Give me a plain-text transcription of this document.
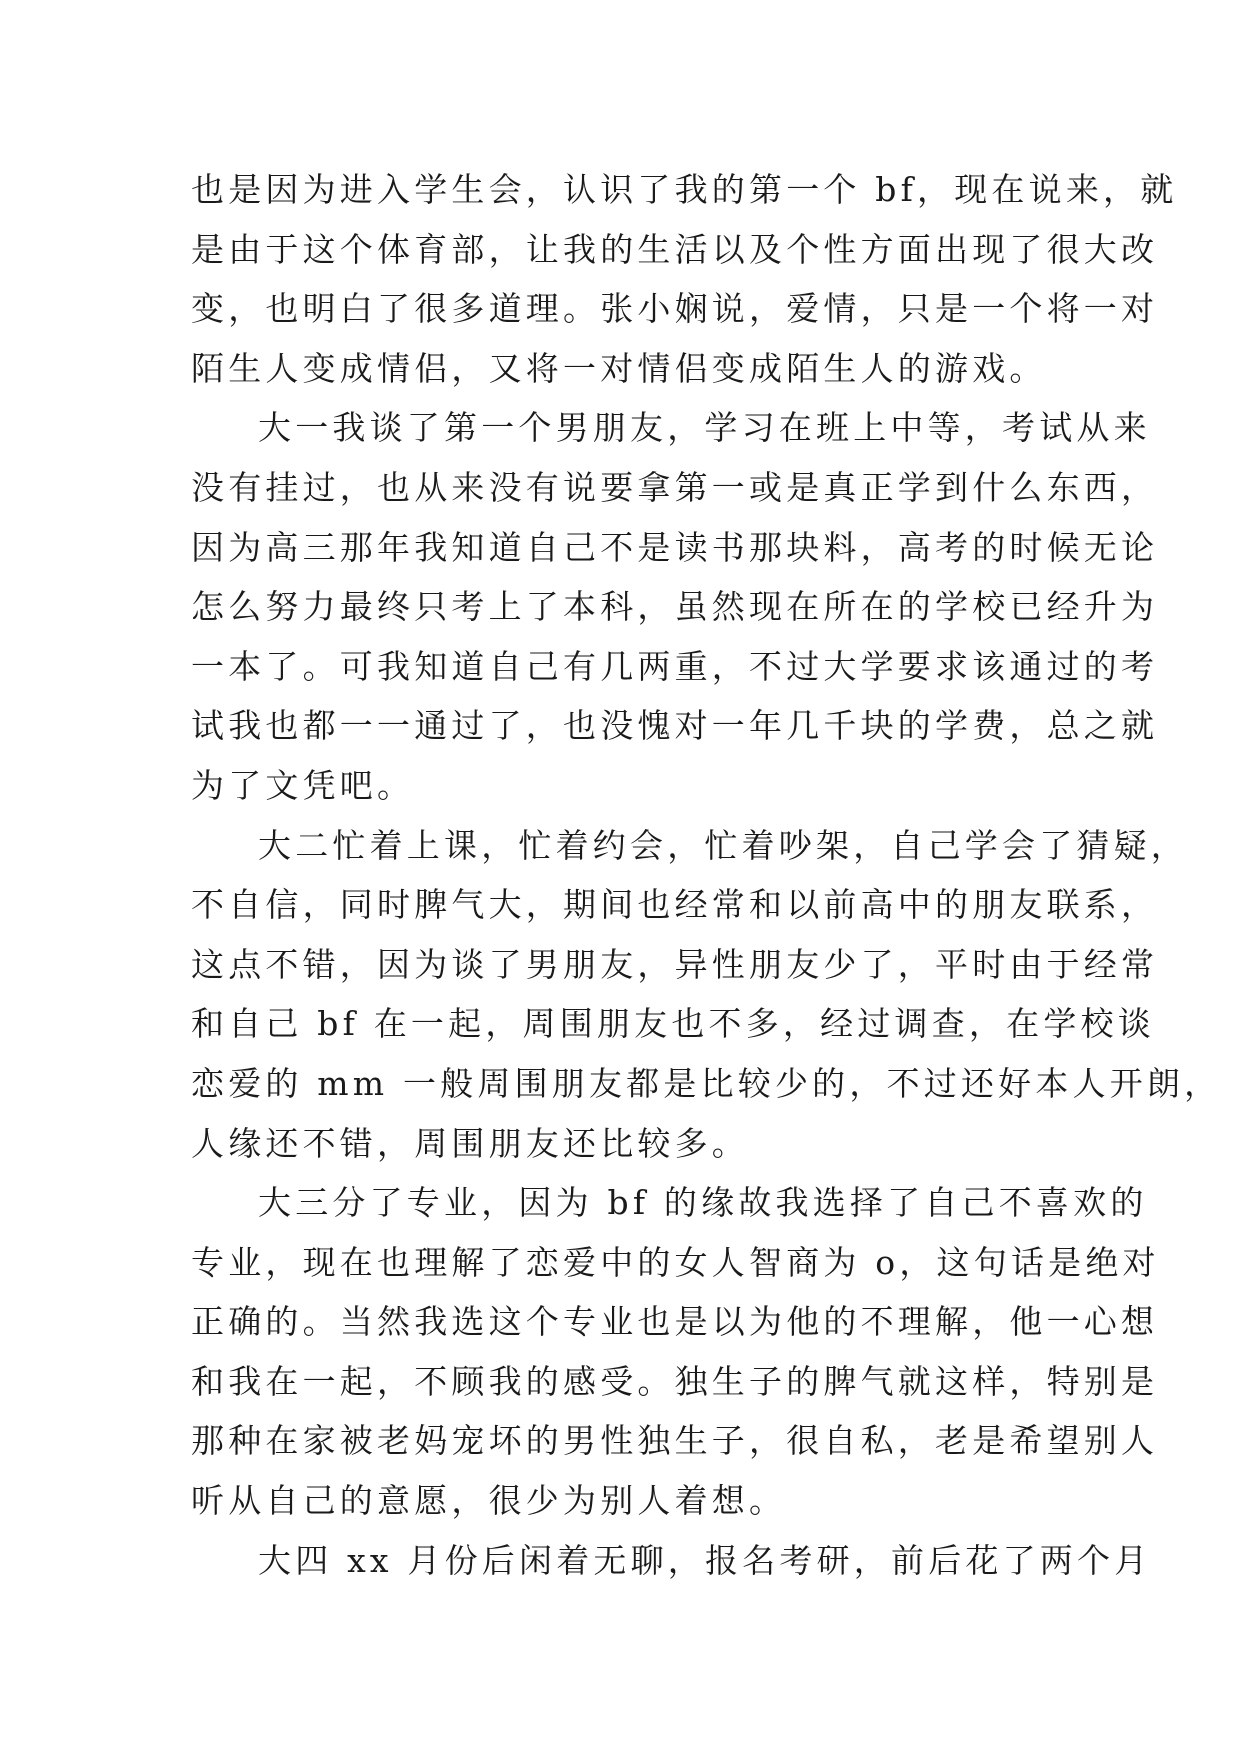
也是因为进入学生会，认识了我的第一个 bf，现在说来，就
是由于这个体育部，让我的生活以及个性方面出现了很大改
变，也明白了很多道理。张小娴说，爱情，只是一个将一对
陌生人变成情侣，又将一对情侣变成陌生人的游戏。
大一我谈了第一个男朋友，学习在班上中等，考试从来
没有挂过，也从来没有说要拿第一或是真正学到什么东西，
因为高三那年我知道自己不是读书那块料，高考的时候无论
怎么努力最终只考上了本科，虽然现在所在的学校已经升为
一本了。可我知道自己有几两重，不过大学要求该通过的考
试我也都一一通过了，也没愧对一年几千块的学费，总之就
为了文凭吧。
大二忙着上课，忙着约会，忙着吵架，自己学会了猜疑，
不自信，同时脾气大，期间也经常和以前高中的朋友联系，
这点不错，因为谈了男朋友，异性朋友少了，平时由于经常
和自己 bf 在一起，周围朋友也不多，经过调查，在学校谈
恋爱的 mm 一般周围朋友都是比较少的，不过还好本人开朗，
人缘还不错，周围朋友还比较多。
大三分了专业，因为 bf 的缘故我选择了自己不喜欢的
专业，现在也理解了恋爱中的女人智商为 o，这句话是绝对
正确的。当然我选这个专业也是以为他的不理解，他一心想
和我在一起，不顾我的感受。独生子的脾气就这样，特别是
那种在家被老妈宠坏的男性独生子，很自私，老是希望别人
听从自己的意愿，很少为别人着想。
大四 xx 月份后闲着无聊，报名考研，前后花了两个月
